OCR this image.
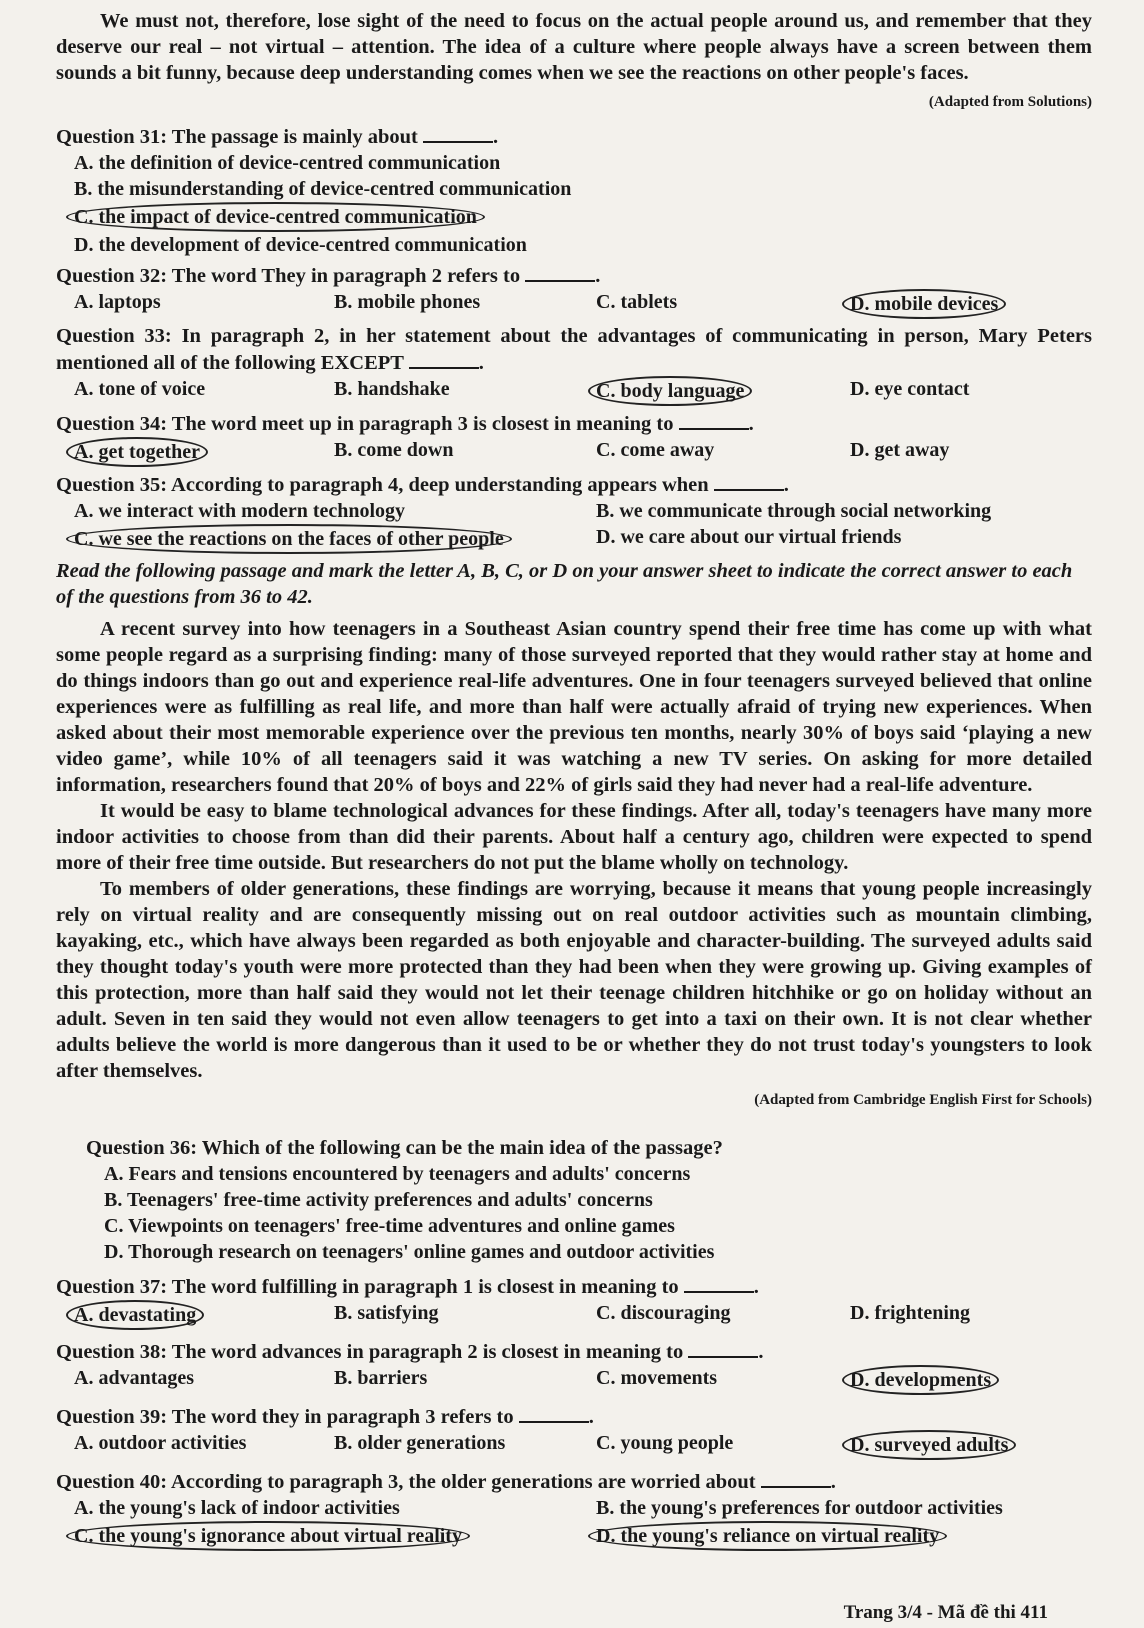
We must not, therefore, lose sight of the need to focus on the actual people around us, and remember that they deserve our real – not virtual – attention. The idea of a culture where people always have a screen between them sounds a bit funny, because deep understanding comes when we see the reactions on other people's faces.

(Adapted from Solutions)

Question 31: The passage is mainly about	.
A. the definition of device-centred communication
B. the misunderstanding of device-centred communication
C. the impact of device-centred communication
D. the development of device-centred communication
Question 32: The word They in paragraph 2 refers to	.
A. laptops	B. mobile phones	C. tablets	D. mobile devices
Question 33: In paragraph 2, in her statement about the advantages of communicating in person, Mary Peters mentioned all of the following EXCEPT	.
A. tone of voice	B. handshake	C. body language	D. eye contact
Question 34: The word meet up in paragraph 3 is closest in meaning to	.
A. get together	B. come down	C. come away	D. get away
Question 35: According to paragraph 4, deep understanding appears when	.
A. we interact with modern technology	B. we communicate through social networking
C. we see the reactions on the faces of other people	D. we care about our virtual friends

Read the following passage and mark the letter A, B, C, or D on your answer sheet to indicate the correct answer to each of the questions from 36 to 42.

A recent survey into how teenagers in a Southeast Asian country spend their free time has come up with what some people regard as a surprising finding: many of those surveyed reported that they would rather stay at home and do things indoors than go out and experience real-life adventures. One in four teenagers surveyed believed that online experiences were as fulfilling as real life, and more than half were actually afraid of trying new experiences. When asked about their most memorable experience over the previous ten months, nearly 30% of boys said ‘playing a new video game’, while 10% of all teenagers said it was watching a new TV series. On asking for more detailed information, researchers found that 20% of boys and 22% of girls said they had never had a real-life adventure.

It would be easy to blame technological advances for these findings. After all, today's teenagers have many more indoor activities to choose from than did their parents. About half a century ago, children were expected to spend more of their free time outside. But researchers do not put the blame wholly on technology.

To members of older generations, these findings are worrying, because it means that young people increasingly rely on virtual reality and are consequently missing out on real outdoor activities such as mountain climbing, kayaking, etc., which have always been regarded as both enjoyable and character-building. The surveyed adults said they thought today's youth were more protected than they had been when they were growing up. Giving examples of this protection, more than half said they would not let their teenage children hitchhike or go on holiday without an adult. Seven in ten said they would not even allow teenagers to get into a taxi on their own. It is not clear whether adults believe the world is more dangerous than it used to be or whether they do not trust today's youngsters to look after themselves.

(Adapted from Cambridge English First for Schools)

Question 36: Which of the following can be the main idea of the passage?
A. Fears and tensions encountered by teenagers and adults' concerns
B. Teenagers' free-time activity preferences and adults' concerns
C. Viewpoints on teenagers' free-time adventures and online games
D. Thorough research on teenagers' online games and outdoor activities
Question 37: The word fulfilling in paragraph 1 is closest in meaning to	.
A. devastating	B. satisfying	C. discouraging	D. frightening
Question 38: The word advances in paragraph 2 is closest in meaning to	.
A. advantages	B. barriers	C. movements	D. developments
Question 39: The word they in paragraph 3 refers to	.
A. outdoor activities	B. older generations	C. young people	D. surveyed adults
Question 40: According to paragraph 3, the older generations are worried about	.
A. the young's lack of indoor activities	B. the young's preferences for outdoor activities
C. the young's ignorance about virtual reality	D. the young's reliance on virtual reality
Trang 3/4 - Mã đề thi 411
